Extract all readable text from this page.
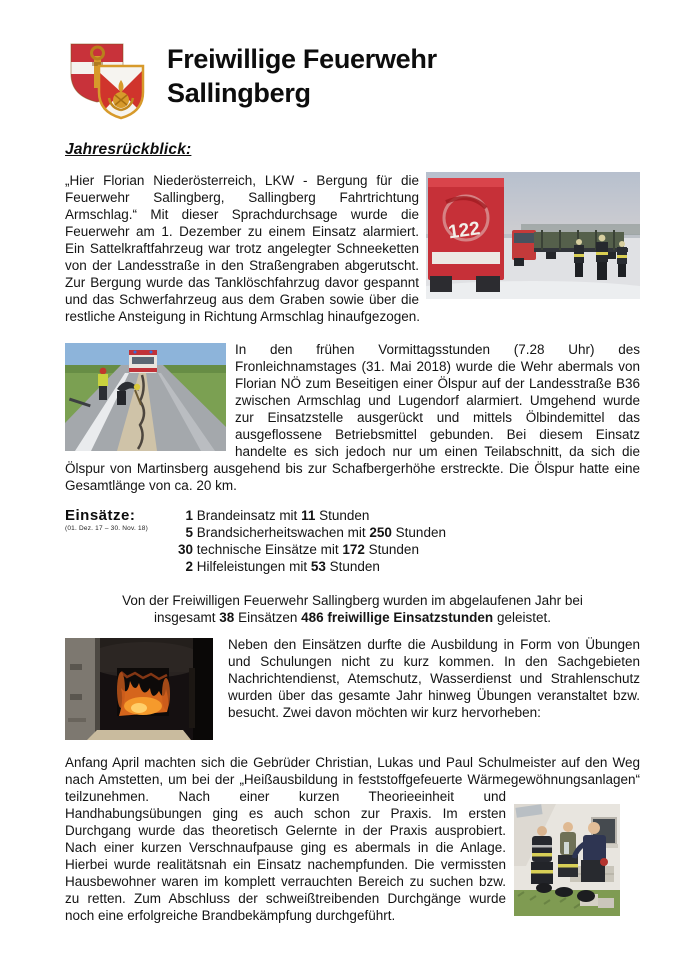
Freiwillige Feuerwehr
Sallingberg
Jahresrückblick:
122

„Hier Florian Niederösterreich, LKW - Bergung für die Feuerwehr Sallingberg, Sallingberg Fahrtrichtung Armschlag.“ Mit dieser Sprachdurchsage wurde die Feuerwehr am 1. Dezember zu einem Einsatz alarmiert. Ein Sattelkraftfahrzeug war trotz angelegter Schneeketten von der Landesstraße in den Straßengraben abgerutscht. Zur Bergung wurde das Tanklöschfahrzug davor gespannt und das Schwerfahrzeug aus dem Graben sowie über die restliche Ansteigung in Richtung Armschlag hinaufgezogen.

In den frühen Vormittagsstunden (7.28 Uhr) des Fronleichnamstages (31. Mai 2018) wurde die Wehr abermals von Florian NÖ zum Beseitigen einer Ölspur auf der Landesstraße B36 zwischen Armschlag und Lugendorf alarmiert. Umgehend wurde zur Einsatzstelle ausgerückt und mittels Ölbindemittel das ausgeflossene Betriebsmittel gebunden. Bei diesem Einsatz handelte es sich jedoch nur um einen Teilabschnitt, da sich die Ölspur von Martinsberg ausgehend bis zur Schafbergerhöhe erstreckte. Die Ölspur hatte eine Gesamtlänge von ca. 20 km.

Einsätze:
(01. Dez. 17 – 30. Nov. 18)
1 Brandeinsatz mit 11 Stunden
5 Brandsicherheitswachen mit 250 Stunden
30 technische Einsätze mit 172 Stunden
2 Hilfeleistungen mit 53 Stunden

Von der Freiwilligen Feuerwehr Sallingberg wurden im abgelaufenen Jahr bei
insgesamt 38 Einsätzen 486 freiwillige Einsatzstunden geleistet.

Neben den Einsätzen durfte die Ausbildung in Form von Übungen und Schulungen nicht zu kurz kommen. In den Sachgebieten Nachrichtendienst, Atemschutz, Wasserdienst und Strahlenschutz wurden über das gesamte Jahr hinweg Übungen veranstaltet bzw. besucht. Zwei davon möchten wir kurz hervorheben:

Anfang April machten sich die Gebrüder Christian, Lukas und Paul Schulmeister auf den Weg nach Amstetten, um bei der „Heißausbildung in feststoffgefeuerte Wärmegewöhnungsanlagen“ teilzunehmen. Nach einer kurzen Theorieeinheit und Handhabungsübungen ging es auch schon zur Praxis. Im ersten Durchgang wurde das theoretisch Gelernte in der Praxis ausprobiert. Nach einer kurzen Verschnaufpause ging es abermals in die Anlage. Hierbei wurde realitätsnah ein Einsatz nachempfunden. Die vermissten Hausbewohner waren im komplett verrauchten Bereich zu suchen bzw. zu retten. Zum Abschluss der schweißtreibenden Durchgänge wurde noch eine erfolgreiche Brandbekämpfung durchgeführt.
